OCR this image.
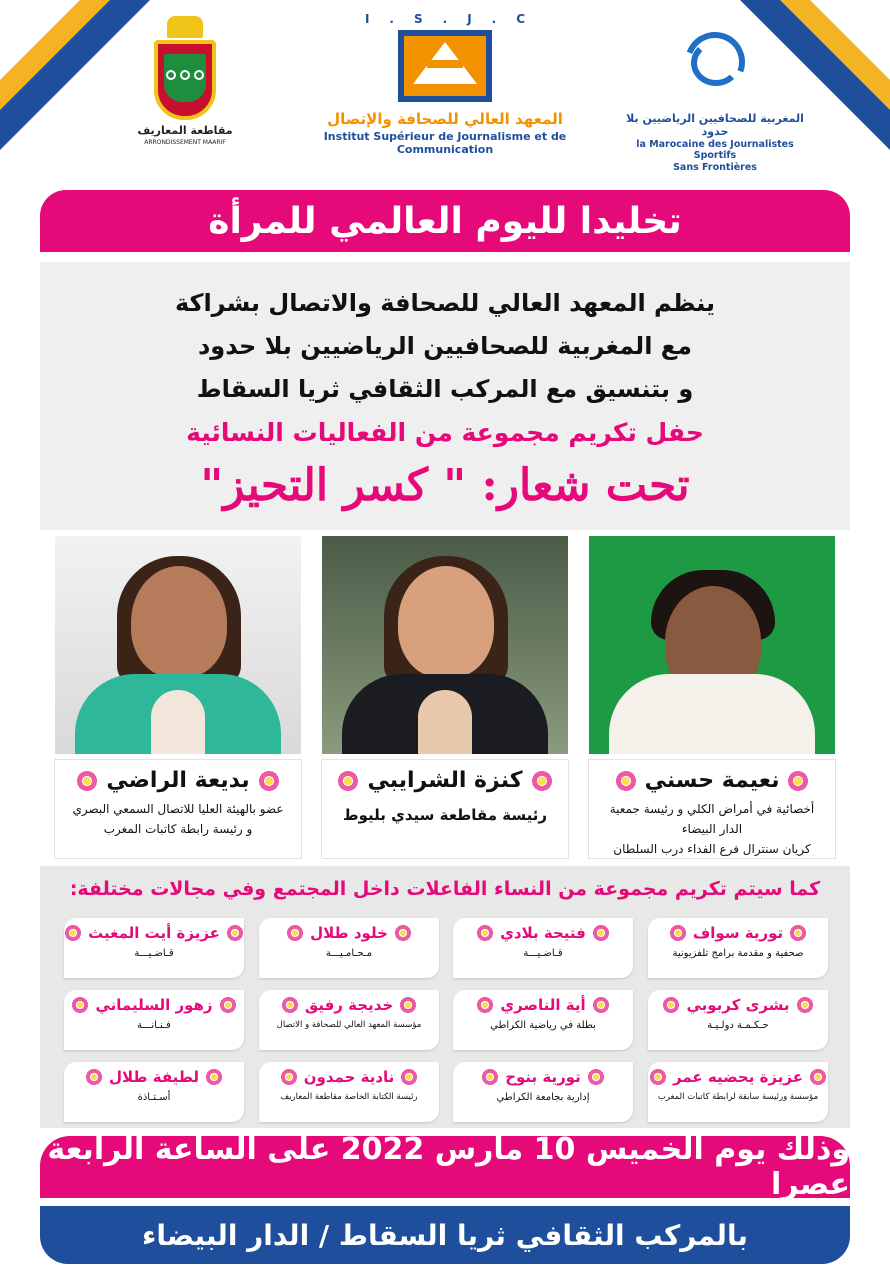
مقاطعة المعاريف
ARRONDISSEMENT MAARIF
I.S.J.C
المعهد العالي للصحافة والإتصال
Institut Supérieur de Journalisme et de Communication
المغربية للصحافيين الرياضيين بلا حدود
la Marocaine des Journalistes Sportifs
Sans Frontières
تخليدا لليوم العالمي للمرأة
ينظم المعهد العالي للصحافة والاتصال بشراكة
مع المغربية للصحافيين الرياضيين بلا حدود
و بتنسيق مع المركب الثقافي ثريا السقاط
حفل تكريم مجموعة من الفعاليات النسائية
تحت شعار: " كسر التحيز"
بديعة الراضي
عضو بالهيئة العليا للاتصال السمعي البصري
و رئيسة رابطة كاتبات المغرب
كنزة الشرايبي
رئيسة مقاطعة سيدي بليوط
نعيمة حسني
أخصائية في أمراض الكلي و رئيسة جمعية الدار البيضاء
كريان سنترال فرع الفداء درب السلطان
كما سيتم تكريم مجموعة من النساء الفاعلات داخل المجتمع وفي مجالات مختلفة:
تورية سواف
صحفية و مقدمة برامج تلفزيونية
فتيحة بلادي
قـاضـيـــة
خلود طلال
مـحـامـيـــة
عزيزة أيت المغيث
قـاضـيـــة
بشرى كربوبي
حـكـمـة دولـيـة
أية الناصري
بطلة في رياضية الكراطي
خديجة رفيق
مؤسسة المعهد العالي للصحافة و الاتصال
زهور السليماني
فـنـانـــة
عزيزة يحضيه عمر
مؤسسة ورئيسة سابقة لرابطة كاتبات المغرب
تورية بنوح
إدارية بجامعة الكراطي
نادية حمدون
رئيسة الكتابة الخاصة مقاطعة المعاريف
لطيفة طلال
أسـتـاذة
وذلك يوم الخميس 10 مارس 2022 على الساعة الرابعة عصرا
بالمركب الثقافي ثريا السقاط / الدار البيضاء
